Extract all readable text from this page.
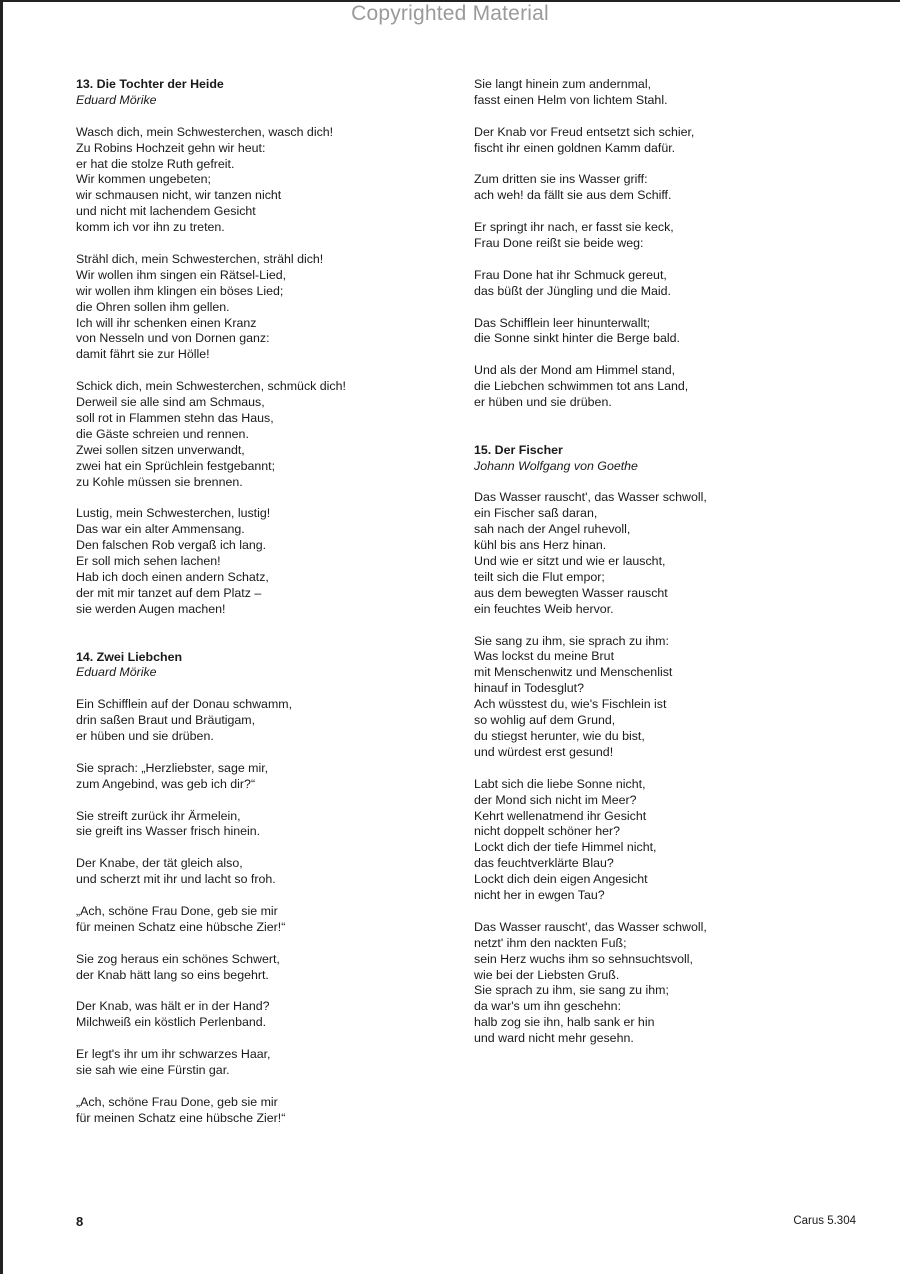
Copyrighted Material
13. Die Tochter der Heide
Eduard Mörike
Wasch dich, mein Schwesterchen, wasch dich!
Zu Robins Hochzeit gehn wir heut:
er hat die stolze Ruth gefreit.
Wir kommen ungebeten;
wir schmausen nicht, wir tanzen nicht
und nicht mit lachendem Gesicht
komm ich vor ihn zu treten.
Strähl dich, mein Schwesterchen, strähl dich!
Wir wollen ihm singen ein Rätsel-Lied,
wir wollen ihm klingen ein böses Lied;
die Ohren sollen ihm gellen.
Ich will ihr schenken einen Kranz
von Nesseln und von Dornen ganz:
damit fährt sie zur Hölle!
Schick dich, mein Schwesterchen, schmück dich!
Derweil sie alle sind am Schmaus,
soll rot in Flammen stehn das Haus,
die Gäste schreien und rennen.
Zwei sollen sitzen unverwandt,
zwei hat ein Sprüchlein festgebannt;
zu Kohle müssen sie brennen.
Lustig, mein Schwesterchen, lustig!
Das war ein alter Ammensang.
Den falschen Rob vergaß ich lang.
Er soll mich sehen lachen!
Hab ich doch einen andern Schatz,
der mit mir tanzet auf dem Platz –
sie werden Augen machen!
14. Zwei Liebchen
Eduard Mörike
Ein Schifflein auf der Donau schwamm,
drin saßen Braut und Bräutigam,
er hüben und sie drüben.
Sie sprach: „Herzliebster, sage mir,
zum Angebind, was geb ich dir?“
Sie streift zurück ihr Ärmelein,
sie greift ins Wasser frisch hinein.
Der Knabe, der tät gleich also,
und scherzt mit ihr und lacht so froh.
„Ach, schöne Frau Done, geb sie mir
für meinen Schatz eine hübsche Zier!“
Sie zog heraus ein schönes Schwert,
der Knab hätt lang so eins begehrt.
Der Knab, was hält er in der Hand?
Milchweiß ein köstlich Perlenband.
Er legt's ihr um ihr schwarzes Haar,
sie sah wie eine Fürstin gar.
„Ach, schöne Frau Done, geb sie mir
für meinen Schatz eine hübsche Zier!“
Sie langt hinein zum andernmal,
fasst einen Helm von lichtem Stahl.
Der Knab vor Freud entsetzt sich schier,
fischt ihr einen goldnen Kamm dafür.
Zum dritten sie ins Wasser griff:
ach weh! da fällt sie aus dem Schiff.
Er springt ihr nach, er fasst sie keck,
Frau Done reißt sie beide weg:
Frau Done hat ihr Schmuck gereut,
das büßt der Jüngling und die Maid.
Das Schifflein leer hinunterwallt;
die Sonne sinkt hinter die Berge bald.
Und als der Mond am Himmel stand,
die Liebchen schwimmen tot ans Land,
er hüben und sie drüben.
15. Der Fischer
Johann Wolfgang von Goethe
Das Wasser rauscht', das Wasser schwoll,
ein Fischer saß daran,
sah nach der Angel ruhevoll,
kühl bis ans Herz hinan.
Und wie er sitzt und wie er lauscht,
teilt sich die Flut empor;
aus dem bewegten Wasser rauscht
ein feuchtes Weib hervor.
Sie sang zu ihm, sie sprach zu ihm:
Was lockst du meine Brut
mit Menschenwitz und Menschenlist
hinauf in Todesglut?
Ach wüsstest du, wie's Fischlein ist
so wohlig auf dem Grund,
du stiegst herunter, wie du bist,
und würdest erst gesund!
Labt sich die liebe Sonne nicht,
der Mond sich nicht im Meer?
Kehrt wellenatmend ihr Gesicht
nicht doppelt schöner her?
Lockt dich der tiefe Himmel nicht,
das feuchtverklärte Blau?
Lockt dich dein eigen Angesicht
nicht her in ewgen Tau?
Das Wasser rauscht', das Wasser schwoll,
netzt' ihm den nackten Fuß;
sein Herz wuchs ihm so sehnsuchtsvoll,
wie bei der Liebsten Gruß.
Sie sprach zu ihm, sie sang zu ihm;
da war's um ihn geschehn:
halb zog sie ihn, halb sank er hin
und ward nicht mehr gesehn.
8	Carus 5.304
